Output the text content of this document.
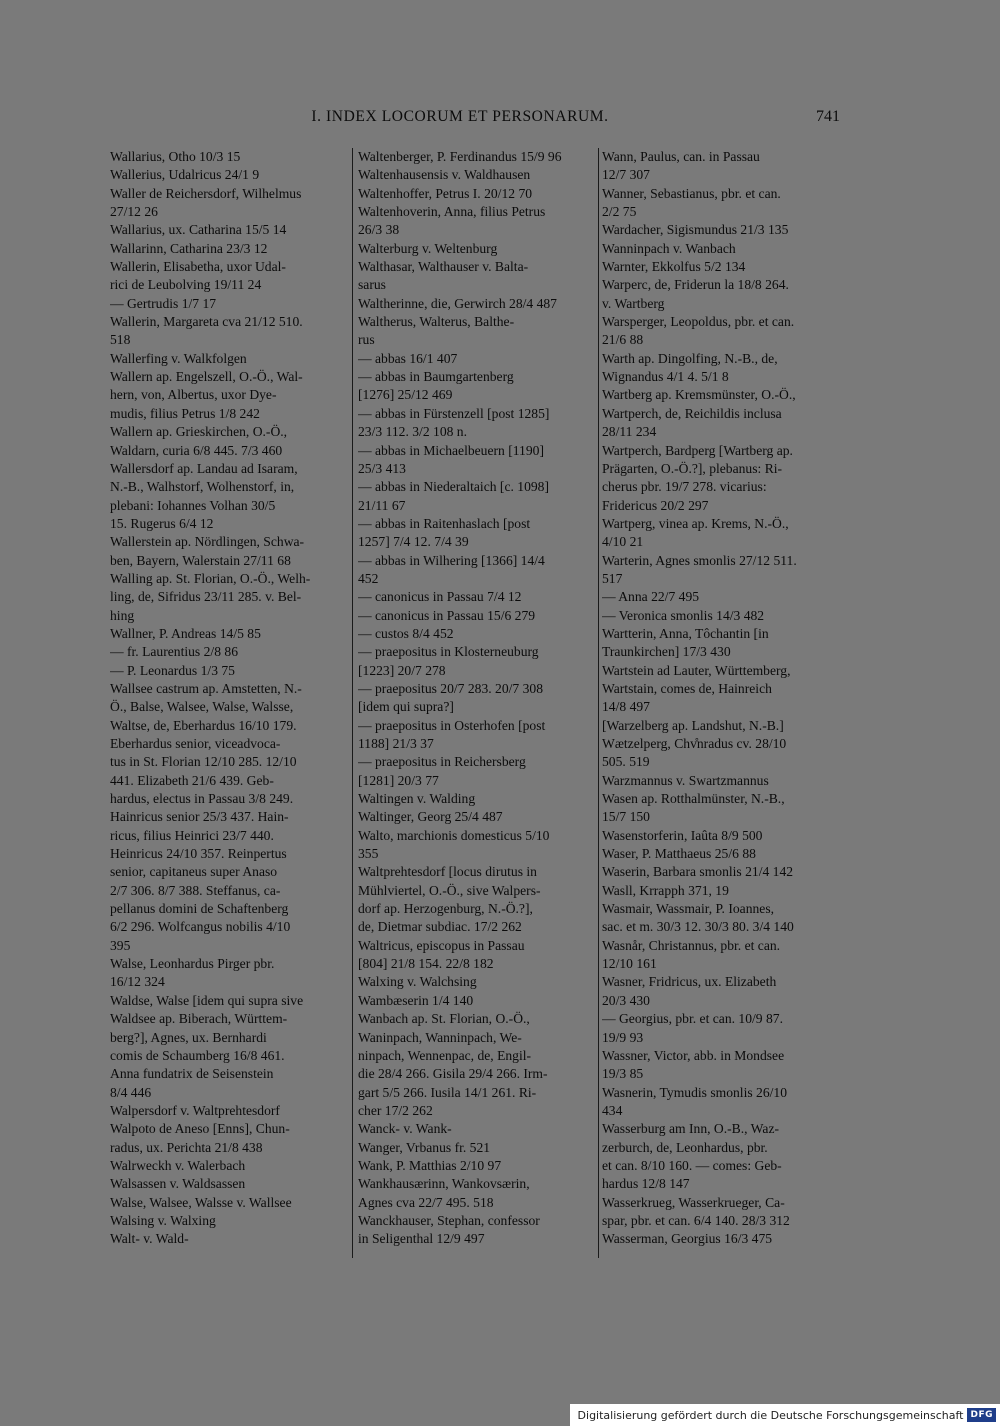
I. INDEX LOCORUM ET PERSONARUM.	741
Wallarius, Otho 10/3 15
Wallerius, Udalricus 24/1 9
Waller de Reichersdorf, Wilhelmus
27/12 26
Wallarius, ux. Catharina 15/5 14
Wallarinn, Catharina 23/3 12
Wallerin, Elisabetha, uxor Udal-
rici de Leubolving 19/11 24
— Gertrudis 1/7 17
Wallerin, Margareta cva 21/12 510.
518
Wallerfing v. Walkfolgen
Wallern ap. Engelszell, O.-Ö., Wal-
hern, von, Albertus, uxor Dye-
mudis, filius Petrus 1/8 242
Wallern ap. Grieskirchen, O.-Ö.,
Waldarn, curia 6/8 445. 7/3 460
Wallersdorf ap. Landau ad Isaram,
N.-B., Walhstorf, Wolhenstorf, in,
plebani: Iohannes Volhan 30/5
15. Rugerus 6/4 12
Wallerstein ap. Nördlingen, Schwa-
ben, Bayern, Walerstain 27/11 68
Walling ap. St. Florian, O.-Ö., Welh-
ling, de, Sifridus 23/11 285. v. Bel-
hing
Wallner, P. Andreas 14/5 85
— fr. Laurentius 2/8 86
— P. Leonardus 1/3 75
Wallsee castrum ap. Amstetten, N.-
Ö., Balse, Walsee, Walse, Walsse,
Waltse, de, Eberhardus 16/10 179.
Eberhardus senior, viceadvoca-
tus in St. Florian 12/10 285. 12/10
441. Elizabeth 21/6 439. Geb-
hardus, electus in Passau 3/8 249.
Hainricus senior 25/3 437. Hain-
ricus, filius Heinrici 23/7 440.
Heinricus 24/10 357. Reinpertus
senior, capitaneus super Anaso
2/7 306. 8/7 388. Steffanus, ca-
pellanus domini de Schaftenberg
6/2 296. Wolfcangus nobilis 4/10
395
Walse, Leonhardus Pirger pbr.
16/12 324
Waldse, Walse [idem qui supra sive
Waldsee ap. Biberach, Württem-
berg?], Agnes, ux. Bernhardi
comis de Schaumberg 16/8 461.
Anna fundatrix de Seisenstein
8/4 446
Walpersdorf v. Waltprehtesdorf
Walpoto de Aneso [Enns], Chun-
radus, ux. Perichta 21/8 438
Walrweckh v. Walerbach
Walsassen v. Waldsassen
Walse, Walsee, Walsse v. Wallsee
Walsing v. Walxing
Walt- v. Wald-
Waltenberger, P. Ferdinandus 15/9 96
Waltenhausensis v. Waldhausen
Waltenhoffer, Petrus I. 20/12 70
Waltenhoverin, Anna, filius Petrus
26/3 38
Walterburg v. Weltenburg
Walthasar, Walthauser v. Balta-
sarus
Waltherinne, die, Gerwirch 28/4 487
Waltherus, Walterus, Balthe-
rus
— abbas 16/1 407
— abbas in Baumgartenberg
[1276] 25/12 469
— abbas in Fürstenzell [post 1285]
23/3 112. 3/2 108 n.
— abbas in Michaelbeuern [1190]
25/3 413
— abbas in Niederaltaich [c. 1098]
21/11 67
— abbas in Raitenhaslach [post
1257] 7/4 12. 7/4 39
— abbas in Wilhering [1366] 14/4
452
— canonicus in Passau 7/4 12
— canonicus in Passau 15/6 279
— custos 8/4 452
— praepositus in Klosterneuburg
[1223] 20/7 278
— praepositus 20/7 283. 20/7 308
[idem qui supra?]
— praepositus in Osterhofen [post
1188] 21/3 37
— praepositus in Reichersberg
[1281] 20/3 77
Waltingen v. Walding
Waltinger, Georg 25/4 487
Walto, marchionis domesticus 5/10
355
Waltprehtesdorf [locus dirutus in
Mühlviertel, O.-Ö., sive Walpers-
dorf ap. Herzogenburg, N.-Ö.?],
de, Dietmar subdiac. 17/2 262
Waltricus, episcopus in Passau
[804] 21/8 154. 22/8 182
Walxing v. Walchsing
Wambæserin 1/4 140
Wanbach ap. St. Florian, O.-Ö.,
Waninpach, Wanninpach, We-
ninpach, Wennenpac, de, Engil-
die 28/4 266. Gisila 29/4 266. Irm-
gart 5/5 266. Iusila 14/1 261. Ri-
cher 17/2 262
Wanck- v. Wank-
Wanger, Vrbanus fr. 521
Wank, P. Matthias 2/10 97
Wankhausærinn, Wankovsærin,
Agnes cva 22/7 495. 518
Wanckhauser, Stephan, confessor
in Seligenthal 12/9 497
Wann, Paulus, can. in Passau
12/7 307
Wanner, Sebastianus, pbr. et can.
2/2 75
Wardacher, Sigismundus 21/3 135
Wanninpach v. Wanbach
Warnter, Ekkolfus 5/2 134
Warperc, de, Friderun la 18/8 264.
v. Wartberg
Warsperger, Leopoldus, pbr. et can.
21/6 88
Warth ap. Dingolfing, N.-B., de,
Wignandus 4/1 4. 5/1 8
Wartberg ap. Kremsmünster, O.-Ö.,
Wartperch, de, Reichildis inclusa
28/11 234
Wartperch, Bardperg [Wartberg ap.
Prägarten, O.-Ö.?], plebanus: Ri-
cherus pbr. 19/7 278. vicarius:
Fridericus 20/2 297
Wartperg, vinea ap. Krems, N.-Ö.,
4/10 21
Warterin, Agnes smonlis 27/12 511.
517
— Anna 22/7 495
— Veronica smonlis 14/3 482
Wartterin, Anna, Tôchantin [in
Traunkirchen] 17/3 430
Wartstein ad Lauter, Württemberg,
Wartstain, comes de, Hainreich
14/8 497
[Warzelberg ap. Landshut, N.-B.]
Wætzelperg, Chv̊nradus cv. 28/10
505. 519
Warzmannus v. Swartzmannus
Wasen ap. Rotthalmünster, N.-B.,
15/7 150
Wasenstorferin, Iaûta 8/9 500
Waser, P. Matthaeus 25/6 88
Waserin, Barbara smonlis 21/4 142
Wasll, Krrapph 371, 19
Wasmair, Wassmair, P. Ioannes,
sac. et m. 30/3 12. 30/3 80. 3/4 140
Wasnår, Christannus, pbr. et can.
12/10 161
Wasner, Fridricus, ux. Elizabeth
20/3 430
— Georgius, pbr. et can. 10/9 87.
19/9 93
Wassner, Victor, abb. in Mondsee
19/3 85
Wasnerin, Tymudis smonlis 26/10
434
Wasserburg am Inn, O.-B., Waz-
zerburch, de, Leonhardus, pbr.
et can. 8/10 160. — comes: Geb-
hardus 12/8 147
Wasserkrueg, Wasserkrueger, Ca-
spar, pbr. et can. 6/4 140. 28/3 312
Wasserman, Georgius 16/3 475
Digitalisierung gefördert durch die Deutsche Forschungsgemeinschaft DFG
